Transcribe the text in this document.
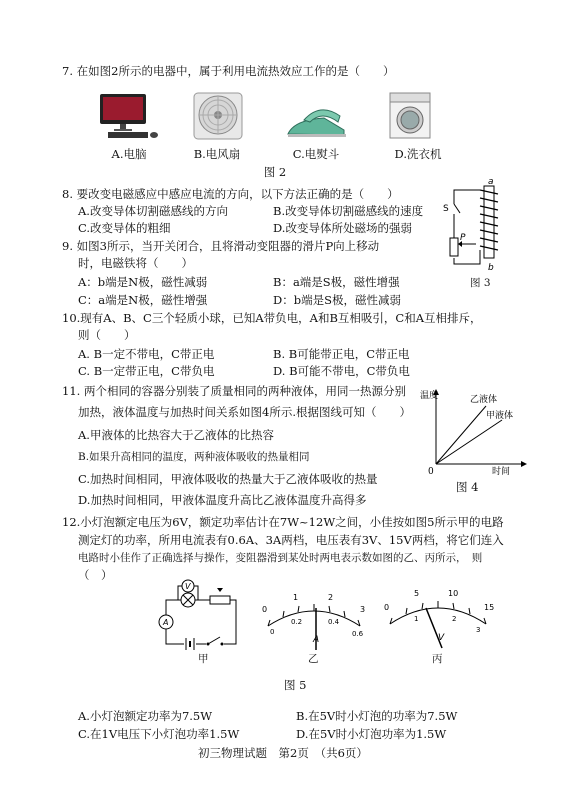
7. 在如图2所示的电器中，属于利用电流热效应工作的是（　　）
A.电脑	B.电风扇	C.电熨斗	D.洗衣机
图 2
8. 要改变电磁感应中感应电流的方向，以下方法正确的是（　　）
A.改变导体切割磁感线的方向	B.改变导体切割磁感线的速度
C.改变导体的粗细	D.改变导体所处磁场的强弱
a
b
S
P
图 3
9. 如图3所示，当开关闭合，且将滑动变阻器的滑片P向上移动
时，电磁铁将（　　）
A：b端是N极，磁性减弱	B：a端是S极，磁性增强
C：a端是N极，磁性增强	D：b端是S极，磁性减弱
10.现有A、B、C三个轻质小球，已知A带负电，A和B互相吸引，C和A互相排斥，
则（　　）
A. B一定不带电，C带正电	B. B可能带正电，C带正电
C. B一定带正电，C带负电	D. B可能不带电，C带负电
11. 两个相同的容器分别装了质量相同的两种液体，用同一热源分别
加热，液体温度与加热时间关系如图4所示.根据图线可知（　　）
A.甲液体的比热容大于乙液体的比热容
B.如果升高相同的温度，两种液体吸收的热量相同
C.加热时间相同，甲液体吸收的热量大于乙液体吸收的热量
D.加热时间相同，甲液体温度升高比乙液体温度升高得多
温度
时间
0
乙液体
甲液体
图 4
12.小灯泡额定电压为6V，额定功率估计在7W~12W之间，小佳按如图5所示甲的电路
测定灯的功率，所用电流表有0.6A、3A两档，电压表有3V、15V两档，将它们连入
电路时小佳作了正确选择与操作，变阻器滑到某处时两电表示数如图的乙、丙所示，　则
（　）
V
A
甲
0
1	2
3
0
0.2	0.4
0.6
A
乙
0
5	10
15
1	2
3
V
丙
图 5
A.小灯泡额定功率为7.5W	B.在5V时小灯泡的功率为7.5W
C.在1V电压下小灯泡功率1.5W	D.在5V时小灯泡功率为1.5W
初三物理试题　第2页　（共6页）
